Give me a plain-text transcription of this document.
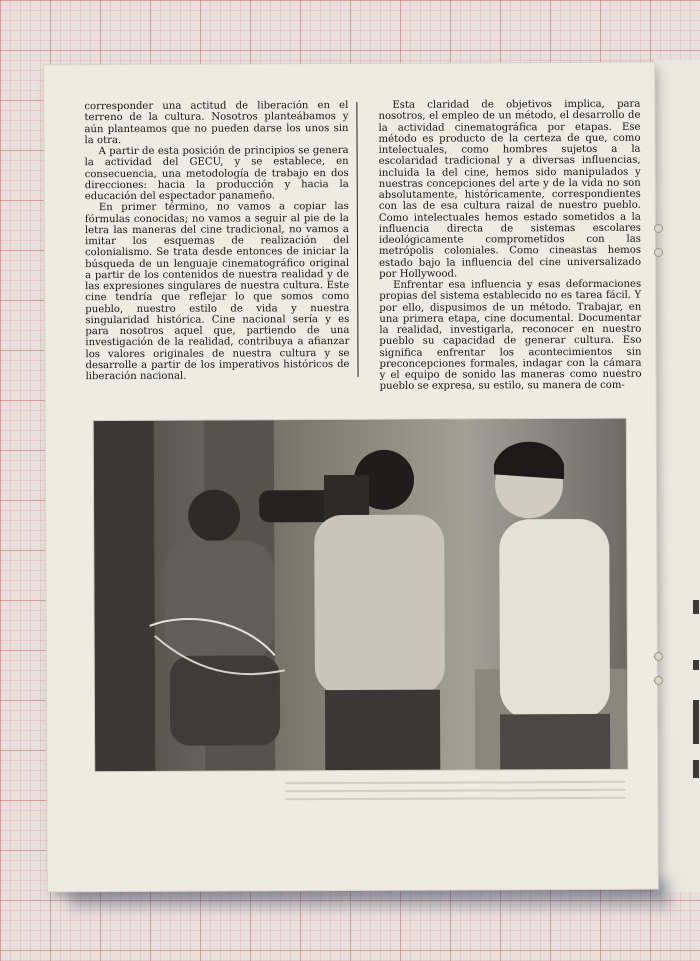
corresponder una actitud de liberación en el terreno de la cultura. Nosotros planteábamos y aún planteamos que no pueden darse los unos sin la otra.

A partir de esta posición de principios se genera la actividad del GECU, y se establece, en consecuencia, una metodología de trabajo en dos direcciones: hacia la producción y hacia la educación del espectador panameño.

En primer término, no vamos a copiar las fórmulas conocidas; no vamos a seguir al pie de la letra las maneras del cine tradicional, no vamos a imitar los esquemas de realización del colonialismo. Se trata desde entonces de iniciar la búsqueda de un lenguaje cinematográfico original a partir de los contenidos de nuestra realidad y de las expresiones singulares de nuestra cultura. Este cine tendría que reflejar lo que somos como pueblo, nuestro estilo de vida y nuestra singularidad histórica. Cine nacional sería y es para nosotros aquel que, partiendo de una investigación de la realidad, contribuya a afianzar los valores originales de nuestra cultura y se desarrolle a partir de los imperativos históricos de liberación nacional.

Esta claridad de objetivos implica, para nosotros, el empleo de un método, el desarrollo de la actividad cinematográfica por etapas. Ese método es producto de la certeza de que, como intelectuales, como hombres sujetos a la escolaridad tradicional y a diversas influencias, incluida la del cine, hemos sido manipulados y nuestras concepciones del arte y de la vida no son absolutamente, históricamente, correspondientes con las de esa cultura raizal de nuestro pueblo. Como intelectuales hemos estado sometidos a la influencia directa de sistemas escolares ideológicamente comprometidos con las metrópolis coloniales. Como cineastas hemos estado bajo la influencia del cine universalizado por Hollywood.

Enfrentar esa influencia y esas deformaciones propias del sistema establecido no es tarea fácil. Y por ello, dispusimos de un método. Trabajar, en una primera etapa, cine documental. Documentar la realidad, investigarla, reconocer en nuestro pueblo su capacidad de generar cultura. Eso significa enfrentar los acontecimientos sin preconcepciones formales, indagar con la cámara y el equipo de sonido las maneras como nuestro pueblo se expresa, su estilo, su manera de com-
